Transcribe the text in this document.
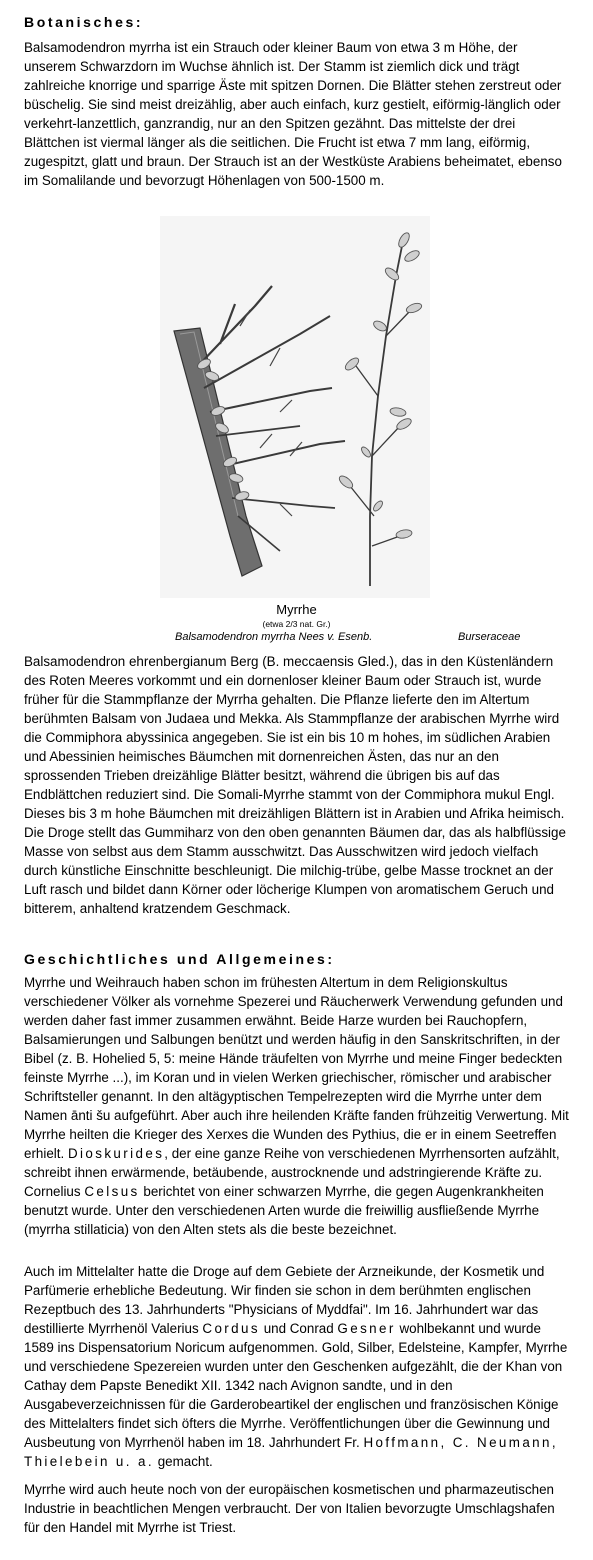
Botanisches:

Balsamodendron myrrha ist ein Strauch oder kleiner Baum von etwa 3 m Höhe, der unserem Schwarzdorn im Wuchse ähnlich ist. Der Stamm ist ziemlich dick und trägt zahlreiche knorrige und sparrige Äste mit spitzen Dornen. Die Blätter stehen zerstreut oder büschelig. Sie sind meist dreizählig, aber auch einfach, kurz gestielt, eiförmig-länglich oder verkehrt-lanzettlich, ganzrandig, nur an den Spitzen gezähnt. Das mittelste der drei Blättchen ist viermal länger als die seitlichen. Die Frucht ist etwa 7 mm lang, eiförmig, zugespitzt, glatt und braun. Der Strauch ist an der Westküste Arabiens beheimatet, ebenso im Somalilande und bevorzugt Höhenlagen von 500-1500 m.

Myrrhe
(etwa 2/3 nat. Gr.)
Balsamodendron myrrha Nees v. Esenb.	Burseraceae

Balsamodendron ehrenbergianum Berg (B. meccaensis Gled.), das in den Küstenländern des Roten Meeres vorkommt und ein dornenloser kleiner Baum oder Strauch ist, wurde früher für die Stammpflanze der Myrrha gehalten. Die Pflanze lieferte den im Altertum berühmten Balsam von Judaea und Mekka. Als Stammpflanze der arabischen Myrrhe wird die Commiphora abyssinica angegeben. Sie ist ein bis 10 m hohes, im südlichen Arabien und Abessinien heimisches Bäumchen mit dornenreichen Ästen, das nur an den sprossenden Trieben dreizählige Blätter besitzt, während die übrigen bis auf das Endblättchen reduziert sind. Die Somali-Myrrhe stammt von der Commiphora mukul Engl. Dieses bis 3 m hohe Bäumchen mit dreizähligen Blättern ist in Arabien und Afrika heimisch. Die Droge stellt das Gummiharz von den oben genannten Bäumen dar, das als halbflüssige Masse von selbst aus dem Stamm ausschwitzt. Das Ausschwitzen wird jedoch vielfach durch künstliche Einschnitte beschleunigt. Die milchig-trübe, gelbe Masse trocknet an der Luft rasch und bildet dann Körner oder löcherige Klumpen von aromatischem Geruch und bitterem, anhaltend kratzendem Geschmack.

Geschichtliches und Allgemeines:

Myrrhe und Weihrauch haben schon im frühesten Altertum in dem Religionskultus verschiedener Völker als vornehme Spezerei und Räucherwerk Verwendung gefunden und werden daher fast immer zusammen erwähnt. Beide Harze wurden bei Rauchopfern, Balsamierungen und Salbungen benützt und werden häufig in den Sanskritschriften, in der Bibel (z. B. Hohelied 5, 5: meine Hände träufelten von Myrrhe und meine Finger bedeckten feinste Myrrhe ...), im Koran und in vielen Werken griechischer, römischer und arabischer Schriftsteller genannt. In den altägyptischen Tempelrezepten wird die Myrrhe unter dem Namen ānti šu aufgeführt. Aber auch ihre heilenden Kräfte fanden frühzeitig Verwertung. Mit Myrrhe heilten die Krieger des Xerxes die Wunden des Pythius, die er in einem Seetreffen erhielt. Dioskurides, der eine ganze Reihe von verschiedenen Myrrhensorten aufzählt, schreibt ihnen erwärmende, betäubende, austrocknende und adstringierende Kräfte zu. Cornelius Celsus berichtet von einer schwarzen Myrrhe, die gegen Augenkrankheiten benutzt wurde. Unter den verschiedenen Arten wurde die freiwillig ausfließende Myrrhe (myrrha stillaticia) von den Alten stets als die beste bezeichnet.

Auch im Mittelalter hatte die Droge auf dem Gebiete der Arzneikunde, der Kosmetik und Parfümerie erhebliche Bedeutung. Wir finden sie schon in dem berühmten englischen Rezeptbuch des 13. Jahrhunderts "Physicians of Myddfai". Im 16. Jahrhundert war das destillierte Myrrhenöl Valerius Cordus und Conrad Gesner wohlbekannt und wurde 1589 ins Dispensatorium Noricum aufgenommen. Gold, Silber, Edelsteine, Kampfer, Myrrhe und verschiedene Spezereien wurden unter den Geschenken aufgezählt, die der Khan von Cathay dem Papste Benedikt XII. 1342 nach Avignon sandte, und in den Ausgabeverzeichnissen für die Garderobeartikel der englischen und französischen Könige des Mittelalters findet sich öfters die Myrrhe. Veröffentlichungen über die Gewinnung und Ausbeutung von Myrrhenöl haben im 18. Jahrhundert Fr. Hoffmann, C. Neumann, Thielebein u. a. gemacht.

Myrrhe wird auch heute noch von der europäischen kosmetischen und pharmazeutischen Industrie in beachtlichen Mengen verbraucht. Der von Italien bevorzugte Umschlagshafen für den Handel mit Myrrhe ist Triest.
